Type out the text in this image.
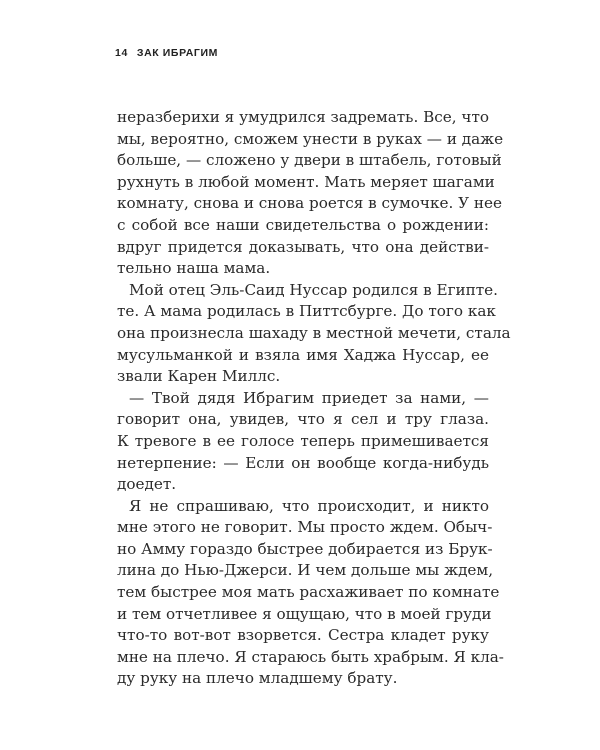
14 ЗАК ИБРАГИМ
неразберихи я умудрился задремать. Все, что
мы, вероятно, сможем унести в руках — и даже
больше, — сложено у двери в штабель, готовый
рухнуть в любой момент. Мать меряет шагами
комнату, снова и снова роется в сумочке. У нее
с собой все наши свидетельства о рождении:
вдруг придется доказывать, что она действи-
тельно наша мама.
Мой отец Эль-Саид Нуссар родился в Египте.
те. А мама родилась в Питтсбурге. До того как
она произнесла шахаду в местной мечети, стала
мусульманкой и взяла имя Хаджа Нуссар, ее
звали Карен Миллс.
— Твой дядя Ибрагим приедет за нами, —
говорит она, увидев, что я сел и тру глаза.
К тревоге в ее голосе теперь примешивается
нетерпение: — Если он вообще когда-нибудь
доедет.
Я не спрашиваю, что происходит, и никто
мне этого не говорит. Мы просто ждем. Обыч-
но Амму гораздо быстрее добирается из Брук-
лина до Нью-Джерси. И чем дольше мы ждем,
тем быстрее моя мать расхаживает по комнате
и тем отчетливее я ощущаю, что в моей груди
что-то вот-вот взорвется. Сестра кладет руку
мне на плечо. Я стараюсь быть храбрым. Я кла-
ду руку на плечо младшему брату.
